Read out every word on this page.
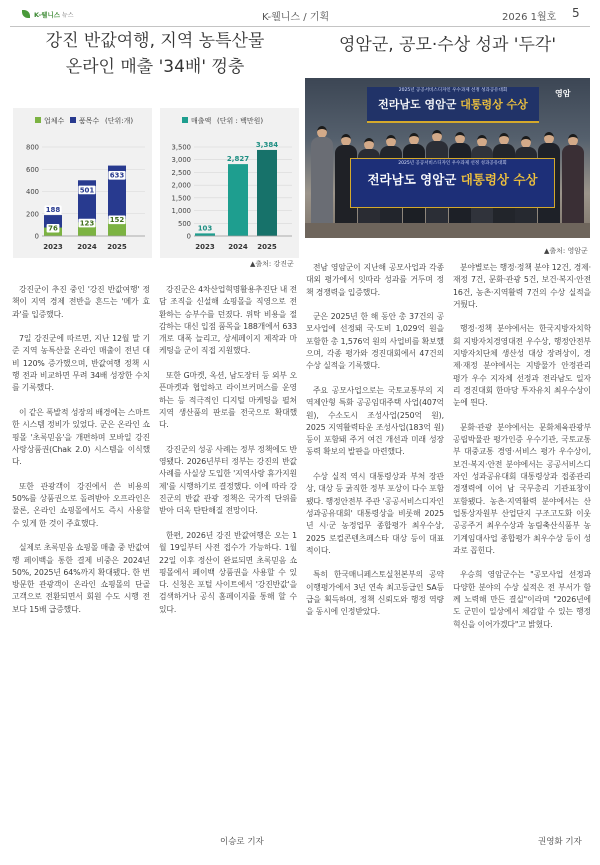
K-웰니스 뉴스	K-웰니스 / 기획	2026 1월호 5
강진 반값여행, 지역 농특산물
온라인 매출 '34배' 껑충
영암군, 공모·수상 성과 '두각'
업체수 품목수 (단위:개)
0
200
400
600
800
2023 2024 2025
188
501
633
76
123 152
매출액 (단위 : 백만원)
0
500
1,000
1,500
2,000
2,500
3,000
3,500
2023 2024 2025
103
2,827
3,384
▲출처: 강진군
2025년 공공서비스디자인 우수과제 선정 성과공유대회
전라남도 영암군 대통령상 수상
영암
2025년 공공서비스디자인 우수과제 선정 성과공유대회
전라남도 영암군 대통령상 수상
▲출처: 영암군

강진군이 추진 중인 '강진 반값여행' 정책이 지역 경제 전반을 흔드는 '메가 효과'를 입증했다.

7일 강진군에 따르면, 지난 12월 말 기준 지역 농특산물 온라인 매출이 전년 대비 120% 증가했으며, 반값여행 정책 시행 전과 비교하면 무려 34배 성장한 수치를 기록했다.

이 같은 폭발적 성장의 배경에는 스마트한 시스템 정비가 있었다. 군은 온라인 쇼핑몰 '초록믿음'을 개편하며 모바일 강진사랑상품권(Chak 2.0) 시스템을 이식했다.

또한 관광객이 강진에서 쓴 비용의 50%를 상품권으로 돌려받아 오프라인은 물론, 온라인 쇼핑몰에서도 즉시 사용할 수 있게 한 것이 주효했다.

실제로 초록믿음 쇼핑몰 매출 중 반값여행 페이백을 통한 결제 비중은 2024년 50%, 2025년 64%까지 확대됐다. 한 번 방문한 관광객이 온라인 쇼핑몰의 단골 고객으로 전환되면서 회원 수도 시행 전보다 15배 급증했다.

강진군은 4차산업혁명활용추진단 내 전담 조직을 신설해 쇼핑몰을 직영으로 전환하는 승부수를 던졌다. 위탁 비용을 절감하는 대신 입점 품목을 188개에서 633개로 대폭 늘리고, 상세페이지 제작과 마케팅을 군이 직접 지원했다.

또한 G마켓, 옥션, 남도장터 등 외부 오픈마켓과 협업하고 라이브커머스를 운영하는 등 적극적인 디지털 마케팅을 펼쳐 지역 생산품의 판로를 전국으로 확대했다.

강진군의 성공 사례는 정부 정책에도 반영됐다. 2026년부터 정부는 강진의 반값 사례를 사실상 도입한 '지역사랑 휴가지원제'를 시행하기로 결정했다. 이에 따라 강진군의 반값 관광 정책은 국가적 단위를 받아 더욱 탄탄해질 전망이다.

한편, 2026년 강진 반값여행은 오는 1월 19일부터 사전 접수가 가능하다. 1월 22일 이후 정산이 완료되면 초록믿음 쇼핑몰에서 페이백 상품권을 사용할 수 있다. 신청은 포털 사이트에서 '강진반값'을 검색하거나 공식 홈페이지를 통해 할 수 있다.

전남 영암군이 지난해 공모사업과 각종 대외 평가에서 잇따라 성과를 거두며 정책 경쟁력을 입증했다.

군은 2025년 한 해 동안 총 37건의 공모사업에 선정돼 국·도비 1,029억 원을 포함한 총 1,576억 원의 사업비를 확보했으며, 각종 평가와 경진대회에서 47건의 수상 실적을 기록했다.

주요 공모사업으로는 국토교통부의 지역제안형 특화 공공임대주택 사업(407억 원), 수소도시 조성사업(250억 원), 2025 지역활력타운 조성사업(183억 원) 등이 포함돼 주거 여건 개선과 미래 성장동력 확보의 발판을 마련했다.

수상 실적 역시 대통령상과 부처 장관상, 대상 등 굵직한 정부 포상이 다수 포함됐다. 행정안전부 주관 '공공서비스디자인 성과공유대회' 대통령상을 비롯해 2025년 시·군 농정업무 종합평가 최우수상, 2025 로컬콘텐츠페스타 대상 등이 대표적이다.

특히 한국매니페스토실천본부의 공약이행평가에서 3년 연속 최고등급인 SA등급을 획득하며, 정책 신뢰도와 행정 역량을 동시에 인정받았다.

분야별로는 행정·정책 분야 12건, 경제·재정 7건, 문화·관광 5건, 보건·복지·안전 16건, 농촌·지역활력 7건의 수상 실적을 거뒀다.

행정·정책 분야에서는 한국지방자치학회 지방자치경영대전 우수상, 행정안전부 지방자치단체 생산성 대상 장려상이, 경제·재정 분야에서는 지방물가 안정관리 평가 우수 지자체 선정과 전라남도 일자리 경진대회 한마당 투자유치 최우수상이 눈에 띈다.

문화·관광 분야에서는 문화체육관광부 공립박물관 평가인증 우수기관, 국토교통부 대중교통 경영·서비스 평가 우수상이, 보건·복지·안전 분야에서는 공공서비스디자인 성과공유대회 대통령상과 접종관리 경쟁력에 이어 남 국무총리 기관표창이 포함됐다. 농촌·지역활력 분야에서는 산업통상자원부 산업단지 구조고도화 이웃 공공주거 최우수상과 농림축산식품부 농기계임대사업 종합평가 최우수상 등이 성과로 꼽힌다.

우승희 영암군수는 "공모사업 선정과 다양한 분야의 수상 실적은 전 부서가 함께 노력해 만든 결실"이라며 "2026년에도 군민이 일상에서 체감할 수 있는 행정 혁신을 이어가겠다"고 밝혔다.

이승로 기자	권영화 기자
